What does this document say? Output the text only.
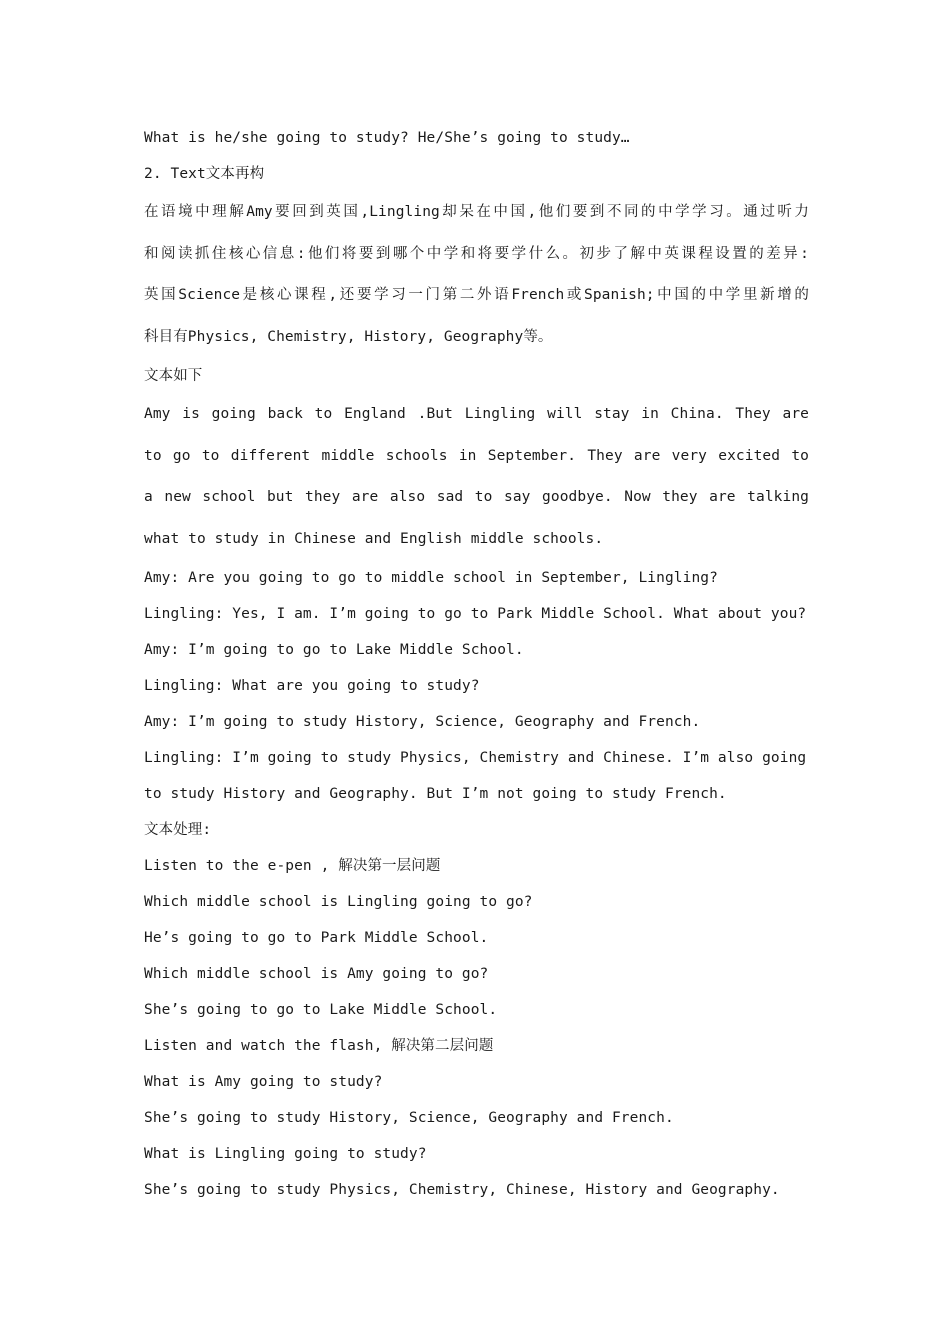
What is he/she going to study? He/She’s going to study…
2. Text文本再构
在语境中理解Amy要回到英国,Lingling却呆在中国,他们要到不同的中学学习。通过听力
和阅读抓住核心信息:他们将要到哪个中学和将要学什么。初步了解中英课程设置的差异:
英国Science是核心课程,还要学习一门第二外语French或Spanish;中国的中学里新增的
科目有Physics, Chemistry, History, Geography等。
文本如下
Amy is going back to England .But Lingling will stay in China. They are
to go to different middle schools in September. They are very excited to
a new school but they are also sad to say goodbye. Now they are talking
what to study in Chinese and English middle schools.
Amy: Are you going to go to middle school in September, Lingling?
Lingling: Yes, I am. I’m going to go to Park Middle School. What about you?
Amy: I’m going to go to Lake Middle School.
Lingling: What are you going to study?
Amy: I’m going to study History, Science, Geography and French.
Lingling: I’m going to study Physics, Chemistry and Chinese. I’m also going
to study History and Geography. But I’m not going to study French.
文本处理:
Listen to the e-pen , 解决第一层问题
Which middle school is Lingling going to go?
He’s going to go to Park Middle School.
Which middle school is Amy going to go?
She’s going to go to Lake Middle School.
Listen and watch the flash, 解决第二层问题
What is Amy going to study?
She’s going to study History, Science, Geography and French.
What is Lingling going to study?
She’s going to study Physics, Chemistry, Chinese, History and Geography.
